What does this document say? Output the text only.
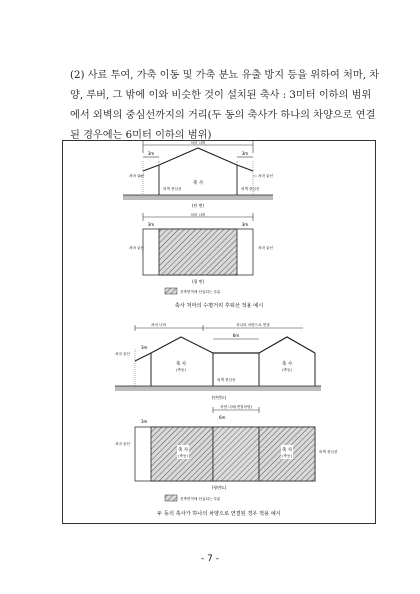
(2) 사료 투여, 가축 이동 및 가축 분뇨 유출 방지 등을 위하여 처마, 차
양, 루버, 그 밖에 이와 비슷한 것이 설치된 축사 : 3미터 이하의 범위
에서 외벽의 중심선까지의 거리(두 동의 축사가 하나의 차양으로 연결
된 경우에는 6미터 이하의 범위)
처마 너비
3m	3m
축 사
처마 끝선	처마 끝선
외벽 중심선	외벽 중심선
(단 면)
처마 너비
3m	3m
처마 끝선	처마 끝선
(평 면)
건축면적에 산입되는 부분
축사 처마의 수평거리 후퇴선 적용 예시
처마 너비	하나의 차양으로 연결
6m
3m
축 사
(축동)
축 사
(축동)
처마 끝선
외벽 중심선
(단면도)
차양 너비(연결차양)
6m
3m
축 사
(축동)
축 사
(축동)
처마 끝선
외벽 중심선
(평면도)
건축면적에 산입되는 부분
두 동의 축사가 하나의 차양으로 연결된 경우 적용 예시
- 7 -
